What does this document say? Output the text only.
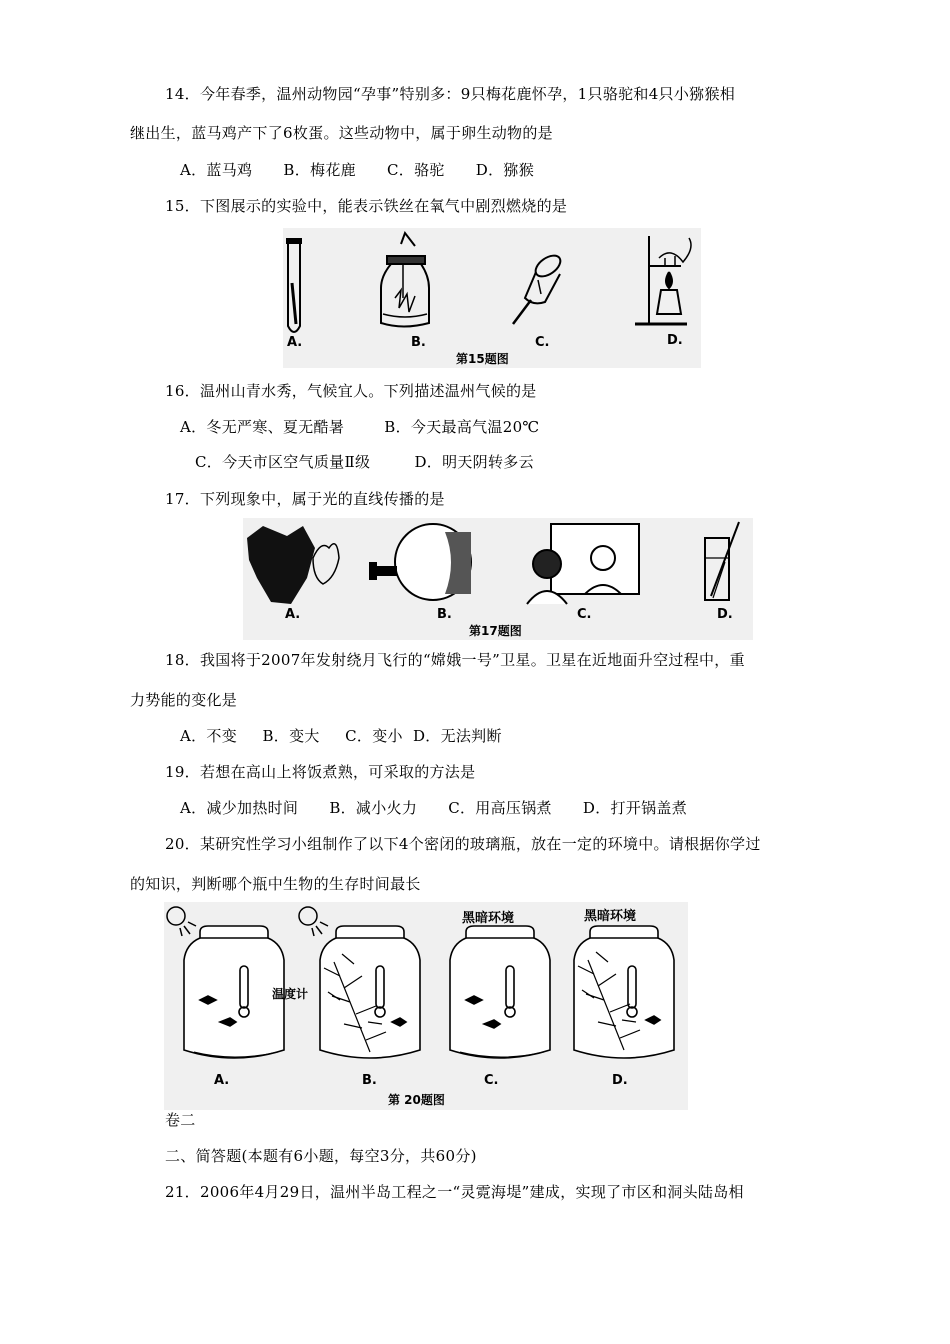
14．今年春季，温州动物园“孕事”特别多：9只梅花鹿怀孕，1只骆驼和4只小猕猴相
继出生，蓝马鸡产下了6枚蛋。这些动物中，属于卵生动物的是
A．蓝马鸡 B．梅花鹿 C．骆驼 D．猕猴
15．下图展示的实验中，能表示铁丝在氧气中剧烈燃烧的是
A.	B.	C.	D.
第15题图
16．温州山青水秀，气候宜人。下列描述温州气候的是
A．冬无严寒、夏无酷暑	B．今天最高气温20℃
C．今天市区空气质量Ⅱ级	D．明天阴转多云
17．下列现象中，属于光的直线传播的是
A.	B.	C.	D.
第17题图
18．我国将于2007年发射绕月飞行的“嫦娥一号”卫星。卫星在近地面升空过程中，重
力势能的变化是
A．不变　  B．变大　  C．变小  D．无法判断
19．若想在高山上将饭煮熟，可采取的方法是
A．减少加热时间 B．减小火力 C．用高压锅煮 D．打开锅盖煮
20．某研究性学习小组制作了以下4个密闭的玻璃瓶，放在一定的环境中。请根据你学过
的知识，判断哪个瓶中生物的生存时间最长
黑暗环境	黑暗环境
温度计
A.	B.	C.	D.
第 20题图
卷二
二、简答题(本题有6小题，每空3分，共60分)
21．2006年4月29日，温州半岛工程之一“灵霓海堤”建成，实现了市区和洞头陆岛相
